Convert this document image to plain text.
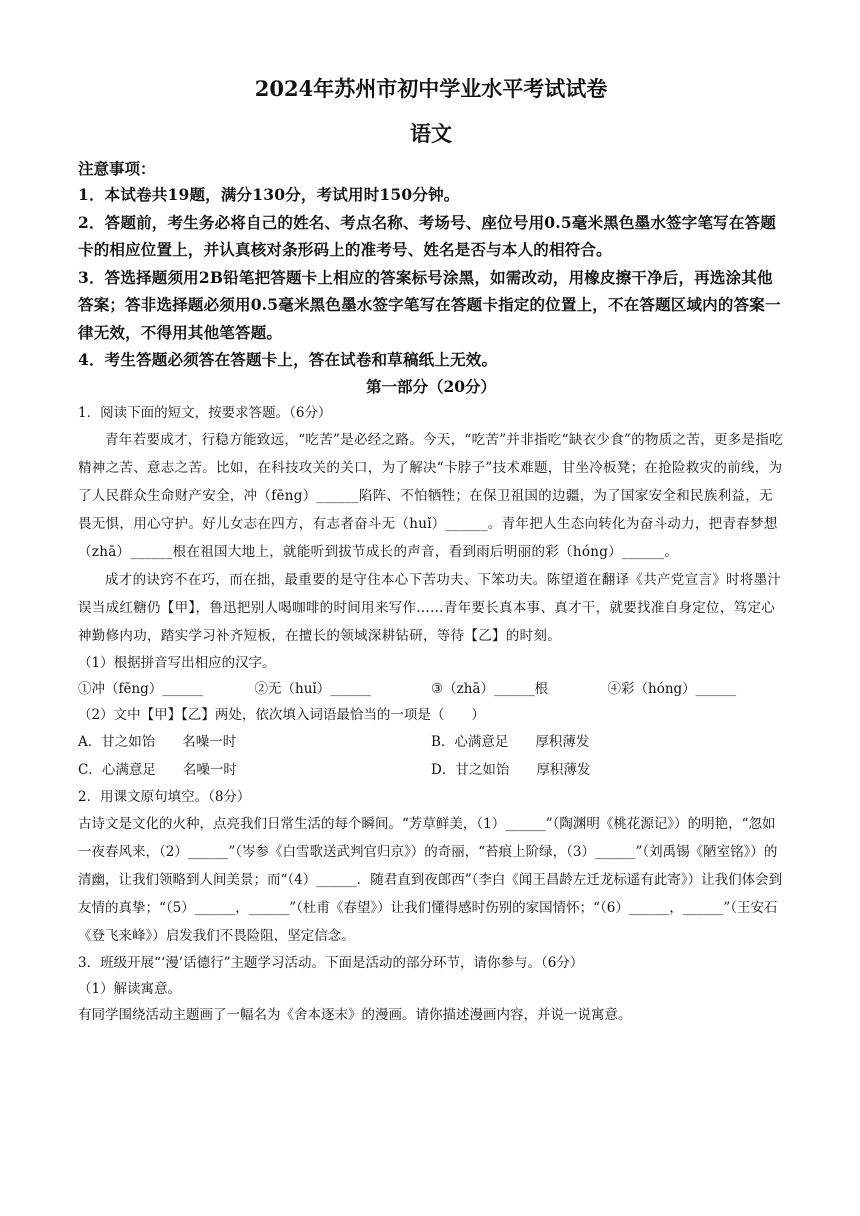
2024年苏州市初中学业水平考试试卷
语文
注意事项：
1．本试卷共19题，满分130分，考试用时150分钟。
2．答题前，考生务必将自己的姓名、考点名称、考场号、座位号用0.5毫米黑色墨水签字笔写在答题卡的相应位置上，并认真核对条形码上的准考号、姓名是否与本人的相符合。
3．答选择题须用2B铅笔把答题卡上相应的答案标号涂黑，如需改动，用橡皮擦干净后，再选涂其他答案；答非选择题必须用0.5毫米黑色墨水签字笔写在答题卡指定的位置上，不在答题区域内的答案一律无效，不得用其他笔答题。
4．考生答题必须答在答题卡上，答在试卷和草稿纸上无效。
第一部分（20分）
1．阅读下面的短文，按要求答题。（6分）
青年若要成才，行稳方能致远，“吃苦”是必经之路。今天，“吃苦”并非指吃“缺衣少食”的物质之苦，更多是指吃精神之苦、意志之苦。比如，在科技攻关的关口，为了解决“卡脖子”技术难题，甘坐冷板凳；在抢险救灾的前线，为了人民群众生命财产安全，冲（fēng）______陷阵、不怕牺牲；在保卫祖国的边疆，为了国家安全和民族利益，无畏无惧，用心守护。好儿女志在四方，有志者奋斗无（huǐ）______。青年把人生态向转化为奋斗动力，把青春梦想（zhā）______根在祖国大地上，就能听到拔节成长的声音，看到雨后明丽的彩（hóng）______。
成才的诀窍不在巧，而在拙，最重要的是守住本心下苦功夫、下笨功夫。陈望道在翻译《共产党宣言》时将墨汁误当成红糖仍【甲】，鲁迅把别人喝咖啡的时间用来写作……青年要长真本事、真才干，就要找准自身定位，笃定心神勤修内功，踏实学习补齐短板，在擅长的领域深耕钻研，等待【乙】的时刻。
（1）根据拼音写出相应的汉字。
①冲（fēng）______	②无（huǐ）______	③（zhā）______根	④彩（hóng）______
（2）文中【甲】【乙】两处，依次填入词语最恰当的一项是（　　）
A．甘之如饴　　名噪一时	B．心满意足　　厚积薄发
C．心满意足　　名噪一时	D．甘之如饴　　厚积薄发
2．用课文原句填空。（8分）
古诗文是文化的火种，点亮我们日常生活的每个瞬间。“芳草鲜美，（1）______”（陶渊明《桃花源记》）的明艳，“忽如一夜春风来，（2）______”（岑参《白雪歌送武判官归京》）的奇丽，“苔痕上阶绿，（3）______”（刘禹锡《陋室铭》）的清幽，让我们领略到人间美景；而“（4）______．随君直到夜郎西”（李白《闻王昌龄左迁龙标遥有此寄》）让我们体会到友情的真挚；“（5）______，______”（杜甫《春望》）让我们懂得感时伤别的家国情怀；“（6）______，______”（王安石《登飞来峰》）启发我们不畏险阻，坚定信念。
3．班级开展“‘漫’话德行”主题学习活动。下面是活动的部分环节，请你参与。（6分）
（1）解读寓意。
有同学围绕活动主题画了一幅名为《舍本逐末》的漫画。请你描述漫画内容，并说一说寓意。
